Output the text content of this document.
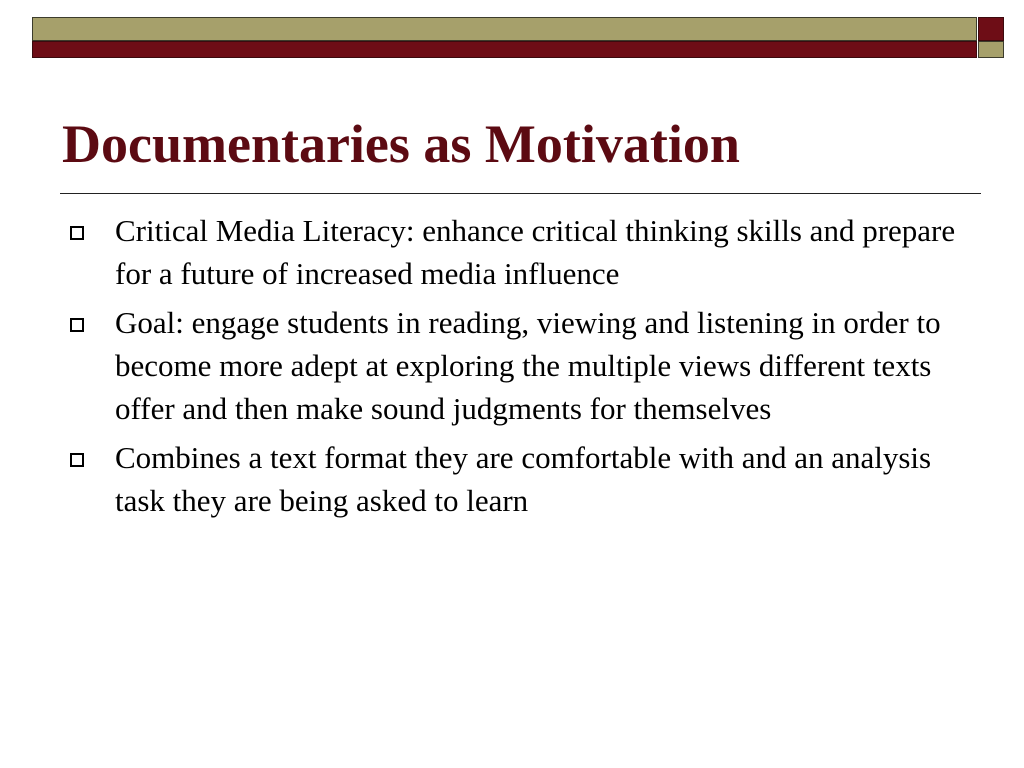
Documentaries as Motivation
Critical Media Literacy: enhance critical thinking skills and prepare for a future of increased media influence
Goal: engage students in reading, viewing and listening in order to become more adept at exploring the multiple views different texts offer and then make sound judgments for themselves
Combines a text format they are comfortable with and an analysis task they are being asked to learn
